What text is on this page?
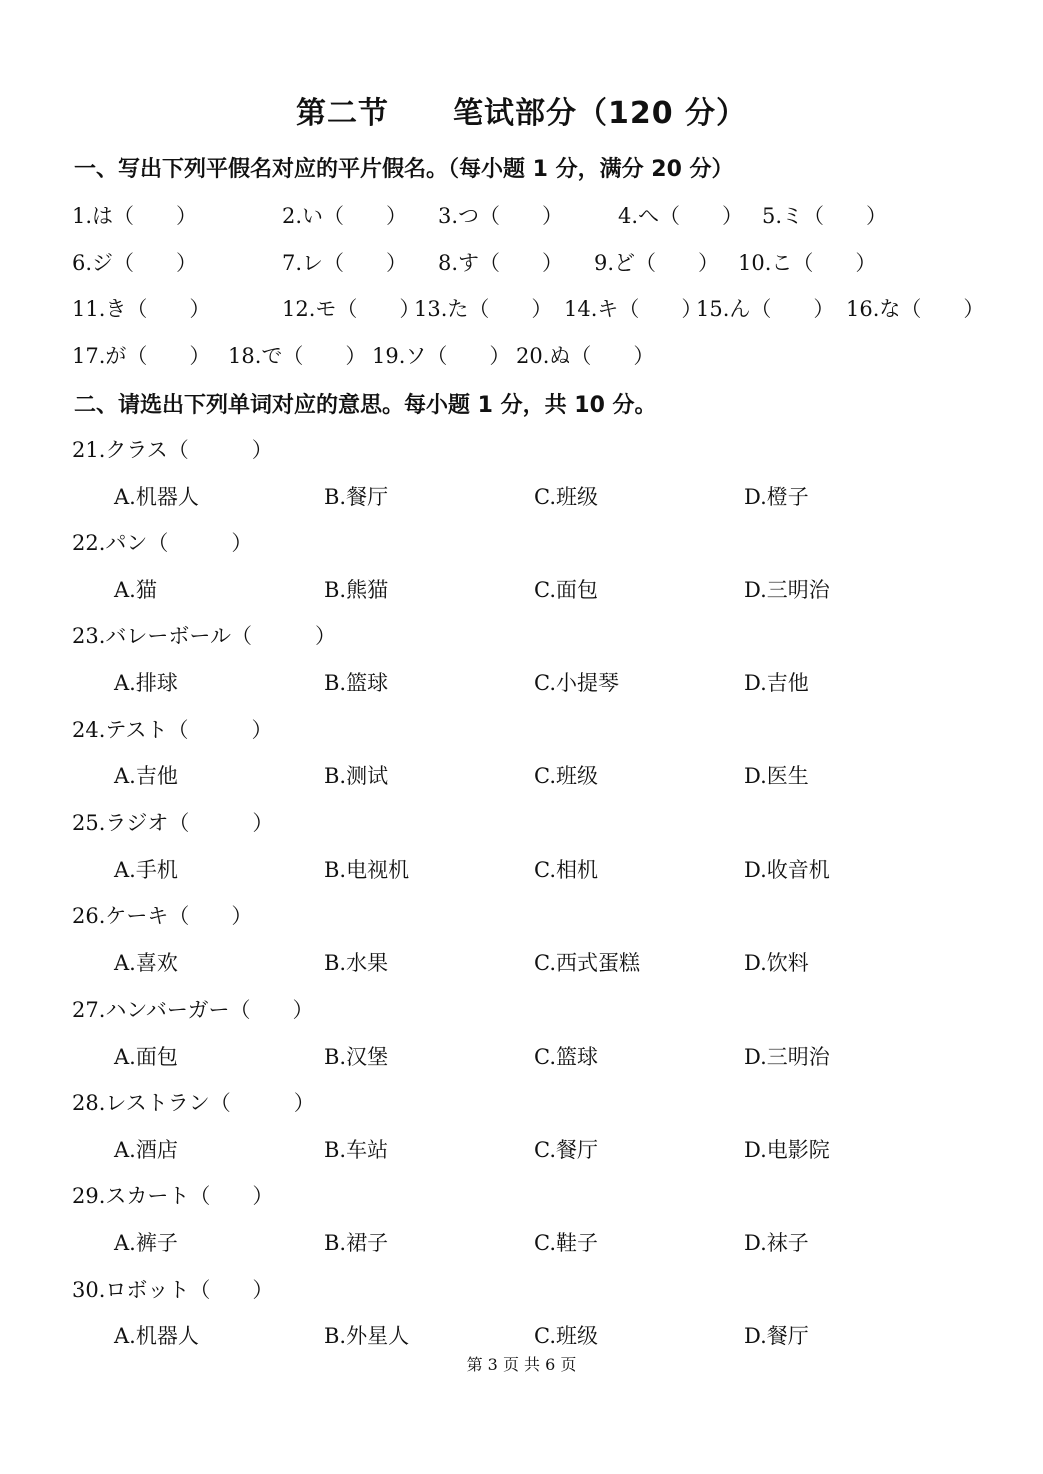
第二节 笔试部分（120 分）
一、写出下列平假名对应的平片假名。（每小题 1 分，满分 20 分）
1.は（　　）	2.い（　　） 3.つ（　　）	4.へ（　　） 5.ミ（　　）
6.ジ（　　）	7.レ（　　） 8.す（　　） 9.ど（　　） 10.こ（　　）
11.き（　　）	12.モ（　　）
13.た（　　） 14.キ（　　）
15.ん（　　） 16.な（　　）
17.が（　　） 18.で（　　） 19.ソ（　　） 20.ぬ（　　）
二、请选出下列单词对应的意思。每小题 1 分，共 10 分。
21.クラス（　　　）
A.机器人	B.餐厅	C.班级	D.橙子
22.パン（　　　）
A.猫	B.熊猫	C.面包	D.三明治
23.バレーボール（　　　）
A.排球	B.篮球	C.小提琴	D.吉他
24.テスト（　　　）
A.吉他	B.测试	C.班级	D.医生
25.ラジオ（　　　）
A.手机	B.电视机	C.相机	D.收音机
26.ケーキ（　　）
A.喜欢	B.水果	C.西式蛋糕	D.饮料
27.ハンバーガー（　　）
A.面包	B.汉堡	C.篮球	D.三明治
28.レストラン（　　　）
A.酒店	B.车站	C.餐厅	D.电影院
29.スカート（　　）
A.裤子	B.裙子	C.鞋子	D.袜子
30.ロボット（　　）
A.机器人	B.外星人	C.班级	D.餐厅
第 3 页 共 6 页
